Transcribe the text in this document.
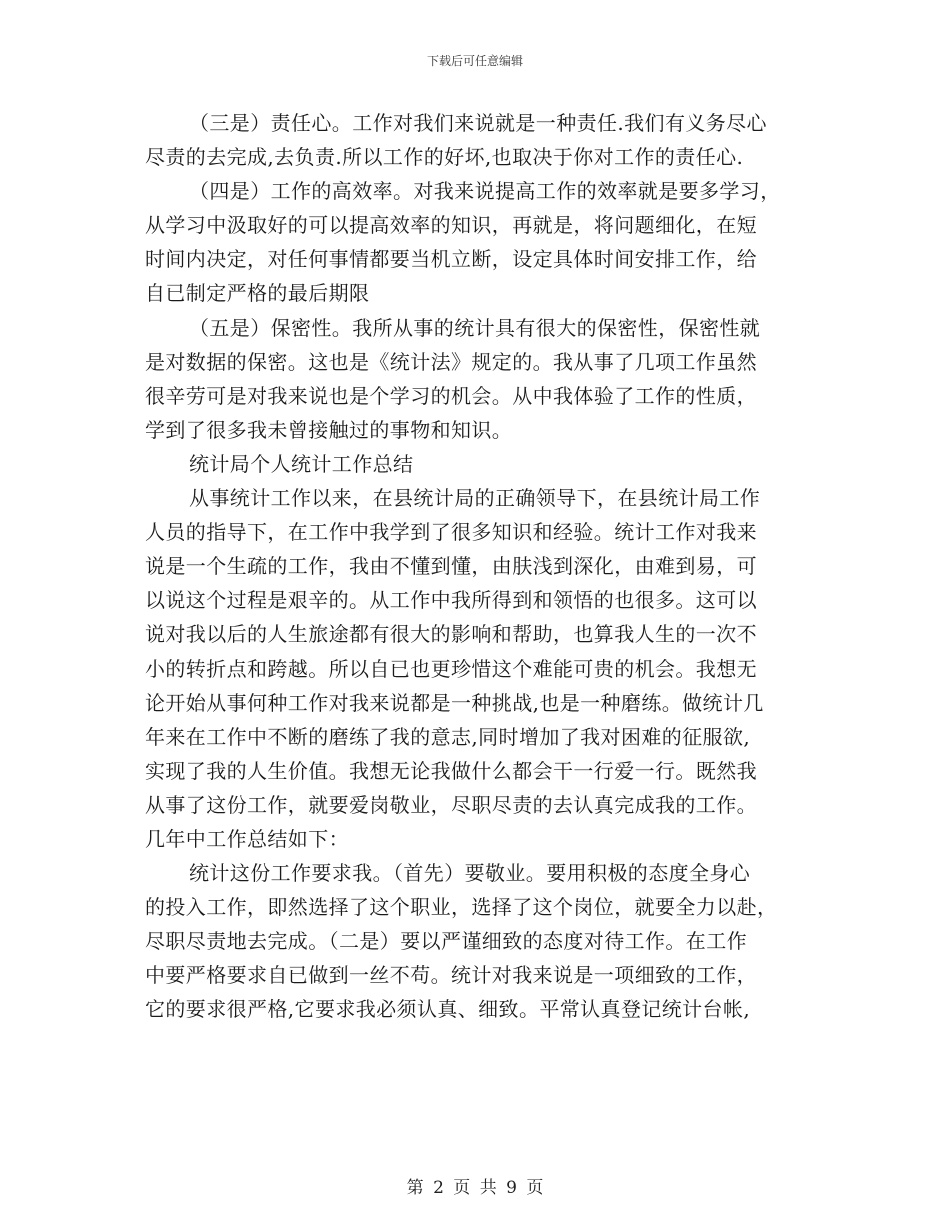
下载后可任意编辑
（三是）责任心。工作对我们来说就是一种责任.我们有义务尽心
尽责的去完成,去负责.所以工作的好坏,也取决于你对工作的责任心.
（四是）工作的高效率。对我来说提高工作的效率就是要多学习，
从学习中汲取好的可以提高效率的知识，再就是，将问题细化，在短
时间内决定，对任何事情都要当机立断，设定具体时间安排工作，给
自已制定严格的最后期限
（五是）保密性。我所从事的统计具有很大的保密性，保密性就
是对数据的保密。这也是《统计法》规定的。我从事了几项工作虽然
很辛劳可是对我来说也是个学习的机会。从中我体验了工作的性质，
学到了很多我未曾接触过的事物和知识。
统计局个人统计工作总结
从事统计工作以来，在县统计局的正确领导下，在县统计局工作
人员的指导下，在工作中我学到了很多知识和经验。统计工作对我来
说是一个生疏的工作，我由不懂到懂，由肤浅到深化，由难到易，可
以说这个过程是艰辛的。从工作中我所得到和领悟的也很多。这可以
说对我以后的人生旅途都有很大的影响和帮助，也算我人生的一次不
小的转折点和跨越。所以自已也更珍惜这个难能可贵的机会。我想无
论开始从事何种工作对我来说都是一种挑战,也是一种磨练。做统计几
年来在工作中不断的磨练了我的意志,同时增加了我对困难的征服欲,
实现了我的人生价值。我想无论我做什么都会干一行爱一行。既然我
从事了这份工作，就要爱岗敬业，尽职尽责的去认真完成我的工作。
几年中工作总结如下：
统计这份工作要求我。（首先）要敬业。要用积极的态度全身心
的投入工作，即然选择了这个职业，选择了这个岗位，就要全力以赴，
尽职尽责地去完成。（二是）要以严谨细致的态度对待工作。在工作
中要严格要求自已做到一丝不苟。统计对我来说是一项细致的工作，
它的要求很严格,它要求我必须认真、细致。平常认真登记统计台帐,
第 2 页 共 9 页
